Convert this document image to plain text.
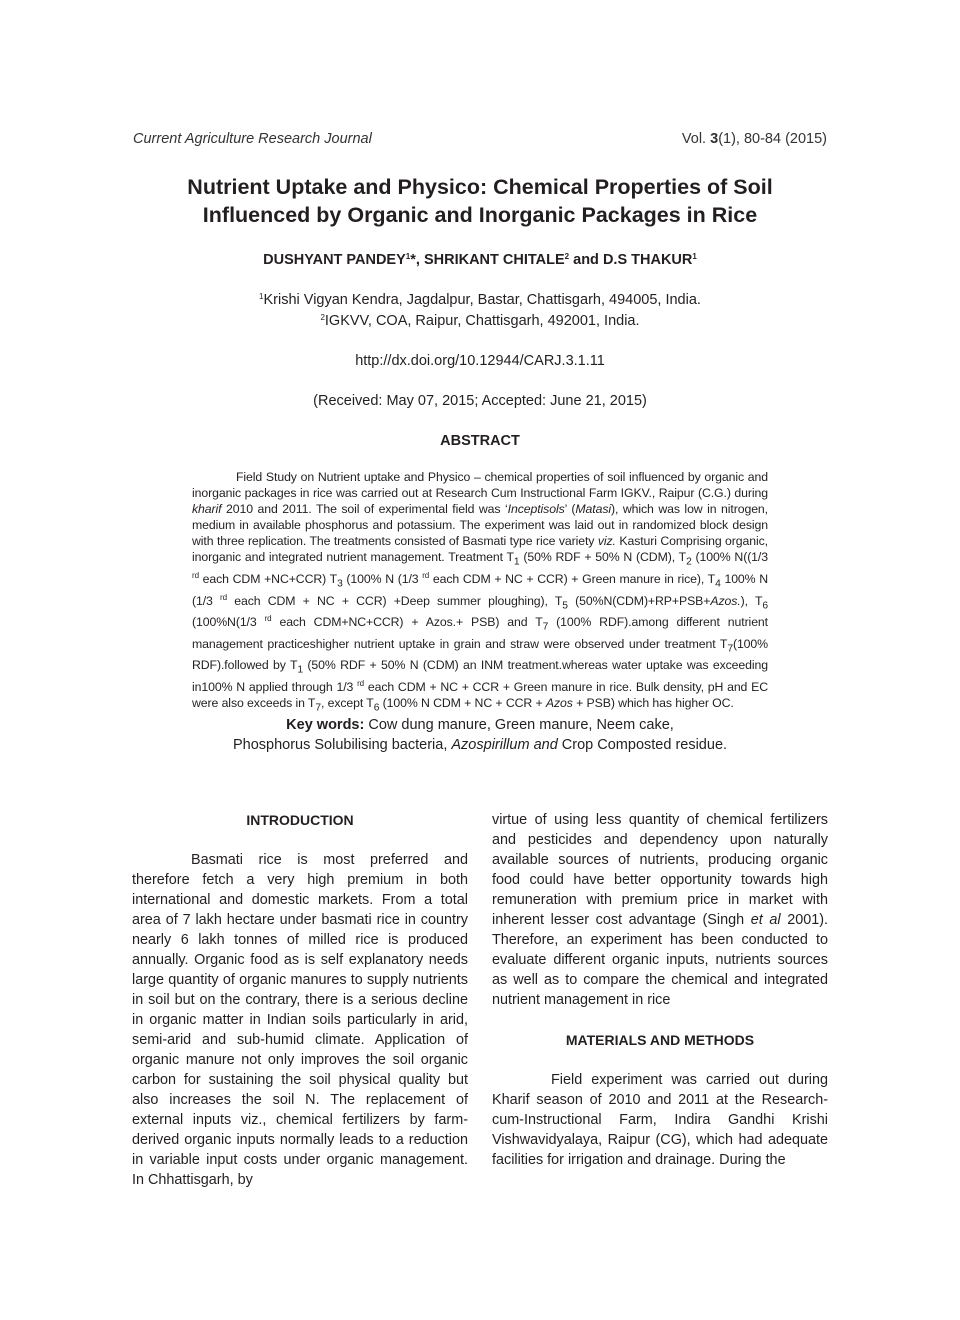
Current Agriculture Research Journal	Vol. 3(1), 80-84 (2015)
Nutrient Uptake and Physico: Chemical Properties of Soil
Influenced by Organic and Inorganic Packages in Rice
DUSHYANT PANDEY$^1$*, SHRIKANT CHITALE$^2$ and D.S THAKUR$^1$
$^1$Krishi Vigyan Kendra, Jagdalpur, Bastar, Chattisgarh, 494005, India.
$^2$IGKVV, COA, Raipur, Chattisgarh, 492001, India.
http://dx.doi.org/10.12944/CARJ.3.1.11
(Received: May 07, 2015; Accepted: June 21, 2015)
ABSTRACT

Field Study on Nutrient uptake and Physico – chemical properties of soil influenced by organic and inorganic packages in rice was carried out at Research Cum Instructional Farm IGKV., Raipur (C.G.) during kharif 2010 and 2011. The soil of experimental field was ‘Inceptisols’ (Matasi), which was low in nitrogen, medium in available phosphorus and potassium. The experiment was laid out in randomized block design with three replication. The treatments consisted of Basmati type rice variety viz. Kasturi Comprising organic, inorganic and integrated nutrient management. Treatment $T_1$ (50% RDF + 50% N (CDM), $T_2$ (100% N((1/3 $^{rd}$ each CDM +NC+CCR) $T_3$ (100% N (1/3 $^{rd}$ each CDM + NC + CCR) + Green manure in rice), $T_4$ 100% N (1/3 $^{rd}$ each CDM + NC + CCR) +Deep summer ploughing), $T_5$ (50%N(CDM)+RP+PSB+Azos.), $T_6$ (100%N(1/3 $^{rd}$ each CDM+NC+CCR) + Azos.+ PSB) and $T_7$ (100% RDF).among different nutrient management practiceshigher nutrient uptake in grain and straw were observed under treatment $T_7(100\%$ RDF).followed by $T_1$ (50% RDF + 50% N (CDM) an INM treatment.whereas water uptake was exceeding in100% N applied through 1/3 $^{rd}$ each CDM + NC + CCR + Green manure in rice. Bulk density, pH and EC were also exceeds in $T_7$, except $T_6$ (100% N CDM + NC + CCR + Azos + PSB) which has higher OC.

Key words: Cow dung manure, Green manure, Neem cake,
Phosphorus Solubilising bacteria, Azospirillum and Crop Composted residue.
INTRODUCTION

Basmati rice is most preferred and therefore fetch a very high premium in both international and domestic markets. From a total area of 7 lakh hectare under basmati rice in country nearly 6 lakh tonnes of milled rice is produced annually. Organic food as is self explanatory needs large quantity of organic manures to supply nutrients in soil but on the contrary, there is a serious decline in organic matter in Indian soils particularly in arid, semi-arid and sub-humid climate. Application of organic manure not only improves the soil organic carbon for sustaining the soil physical quality but also increases the soil N. The replacement of external inputs viz., chemical fertilizers by farm-derived organic inputs normally leads to a reduction in variable input costs under organic management. In Chhattisgarh, by

virtue of using less quantity of chemical fertilizers and pesticides and dependency upon naturally available sources of nutrients, producing organic food could have better opportunity towards high remuneration with premium price in market with inherent lesser cost advantage (Singh et al 2001). Therefore, an experiment has been conducted to evaluate different organic inputs, nutrients sources as well as to compare the chemical and integrated nutrient management in rice

MATERIALS AND METHODS

Field experiment was carried out during Kharif season of 2010 and 2011 at the Research-cum-Instructional Farm, Indira Gandhi Krishi Vishwavidyalaya, Raipur (CG), which had adequate facilities for irrigation and drainage. During the
